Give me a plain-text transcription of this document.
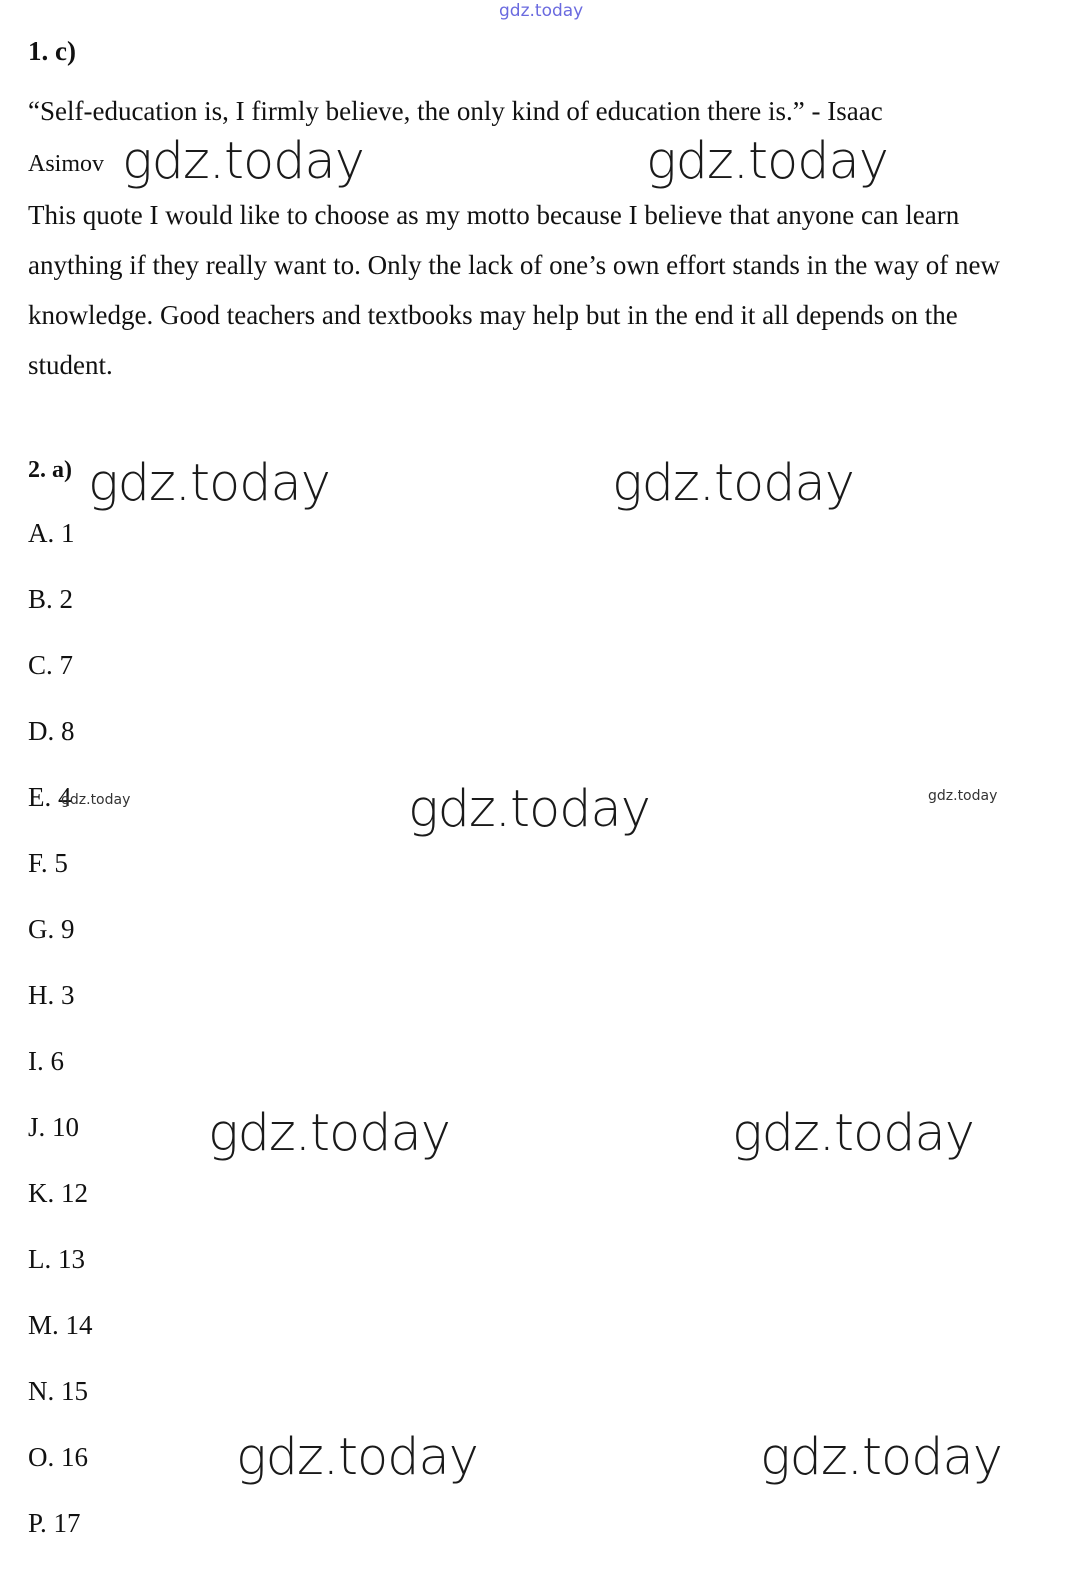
gdz.today
1. c)
“Self-education is, I firmly believe, the only kind of education there is.” - Isaac
Asimov

This quote I would like to choose as my motto because I believe that anyone can learn anything if they really want to. Only the lack of one’s own effort stands in the way of new knowledge. Good teachers and textbooks may help but in the end it all depends on the student.

2. a)
A. 1
B. 2
C. 7
D. 8
E. 4
F. 5
G. 9
H. 3
I. 6
J. 10
K. 12
L. 13
M. 14
N. 15
O. 16
P. 17
gdz.today	gdz.today
gdz.today	gdz.today
gdz.today
gdz.today	gdz.today
gdz.today	gdz.today
gdz.today	gdz.today
